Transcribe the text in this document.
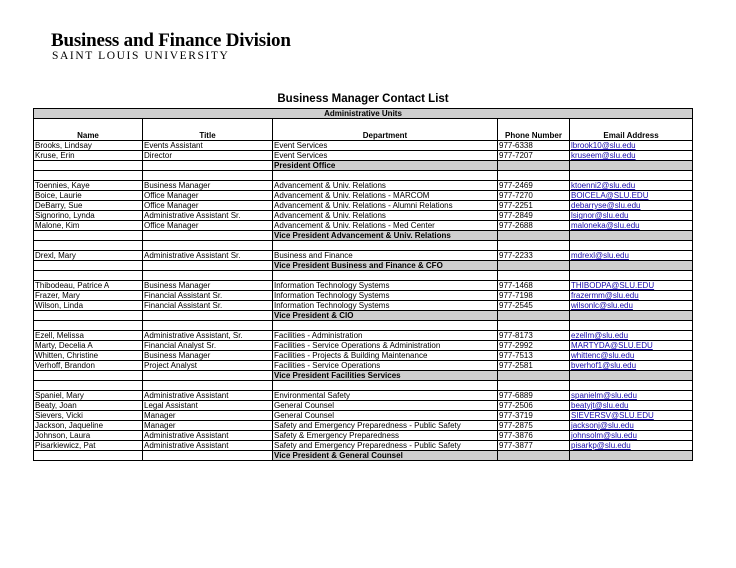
Business and Finance Division
SAINT LOUIS UNIVERSITY
Business Manager Contact List
Administrative Units				
Name	Title	Department	Phone Number	Email Address
Brooks, Lindsay	Events Assistant	Event Services	977-6338	lbrook10@slu.edu
Kruse, Erin	Director	Event Services	977-7207	kruseem@slu.edu
		President Office		

Toennies, Kaye	Business Manager	Advancement & Univ. Relations	977-2469	ktoenni2@slu.edu
Boice, Laurie	Office Manager	Advancement & Univ. Relations - MARCOM	977-7270	BOICELA@SLU.EDU
DeBarry, Sue	Office Manager	Advancement & Univ. Relations - Alumni Relations	977-2251	debarryse@slu.edu
Signorino, Lynda	Administrative Assistant Sr.	Advancement & Univ. Relations	977-2849	lsignor@slu.edu
Malone, Kim	Office Manager	Advancement & Univ. Relations - Med Center	977-2688	maloneka@slu.edu
		Vice President Advancement & Univ. Relations		

Drexl, Mary	Administrative Assistant Sr.	Business and Finance	977-2233	mdrexl@slu.edu
		Vice President Business and Finance & CFO		

Thibodeau, Patrice A	Business Manager	Information Technology Systems	977-1468	THIBODPA@SLU.EDU
Frazer, Mary	Financial Assistant Sr.	Information Technology Systems	977-7198	frazermm@slu.edu
Wilson, Linda	Financial Assistant Sr.	Information Technology Systems	977-2545	wilsonlc@slu.edu
		Vice President & CIO		

Ezell, Melissa	Administrative Assistant, Sr.	Facilities - Administration	977-8173	ezellm@slu.edu
Marty, Decelia A	Financial Analyst Sr.	Facilities - Service Operations & Administration	977-2992	MARTYDA@SLU.EDU
Whitten, Christine	Business Manager	Facilities - Projects & Building Maintenance	977-7513	whittenc@slu.edu
Verhoff, Brandon	Project Analyst	Facilities - Service Operations	977-2581	bverhof1@slu.edu
		Vice President Facilities Services		

Spaniel, Mary	Administrative Assistant	Environmental Safety	977-6889	spanielm@slu.edu
Beaty, Joan	Legal Assistant	General Counsel	977-2506	beatyjt@slu.edu
Sievers, Vicki	Manager	General Counsel	977-3719	SIEVERSV@SLU.EDU
Jackson, Jaqueline	Manager	Safety and Emergency Preparedness - Public Safety	977-2875	jacksonj@slu.edu
Johnson, Laura	Administrative Assistant	Safety & Emergency Preparedness	977-3876	johnsolm@slu.edu
Pisarkiewicz, Pat	Administrative Assistant	Safety and Emergency Preparedness - Public Safety	977-3877	pisarkp@slu.edu
		Vice President & General Counsel		
